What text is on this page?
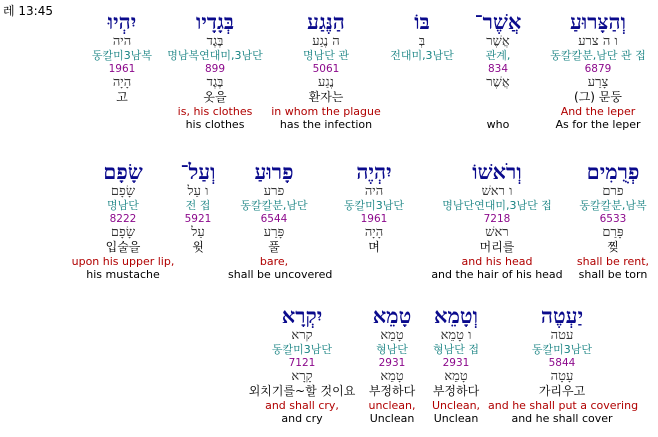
레 13:45	וְהַצָּרוּעַ
ו ה צרע
동칼칼분,남단 관 접
6879
צָרַע
(그) 문둥
And the leper
As for the leper
אֲשֶׁר־
אֲשֶׁר
관계,
834
אֲשֶׁר
who
בּוֹ
בְּ
전대미,3남단
הַנֶּגַע
ה נֶגַע
명남단 관
5061
נֶגַע
환자는
in whom the plague
has the infection
בְּגָדָיו
בֶּגֶד
명남복연대미,3남단
899
בֶּגֶד
옷을
is, his clothes
his clothes
יִהְיוּ
היה
동칼미3남복
1961
הָיָה
고
פְרֻמִים
פרם
동칼칼분,남복
6533
פָּרַם
찢
shall be rent,
shall be torn
וְרֹאשׁוֹ
ו ראשׁ
명남단연대미,3남단 접
7218
ראשׁ
머리를
and his head
and the hair of his head
יִהְיֶה
היה
동칼미3남단
1961
הָיָה
며
פָרוּעַ
פרע
동칼칼분,남단
6544
פָּרַע
풀
bare,
shall be uncovered
וְעַל־
ו עַל
전 접
5921
עַל
윗
שָׂפָם
שָׂפָם
명남단
8222
שָׂפָם
입술을
upon his upper lip,
his mustache
יַעְטֶה
עטה
동칼미3남단
5844
עָטָה
가리우고
and he shall put a covering
and he shall cover
וְטָמֵא
ו טָמֵא
형남단 접
2931
טָמֵא
부정하다
Unclean,
Unclean
טָמֵא
טָמֵא
형남단
2931
טָמֵא
부정하다
unclean,
Unclean
יִקְרָא
קרא
동칼미3남단
7121
קָרָא
외치기를~할 것이요
and shall cry,
and cry
